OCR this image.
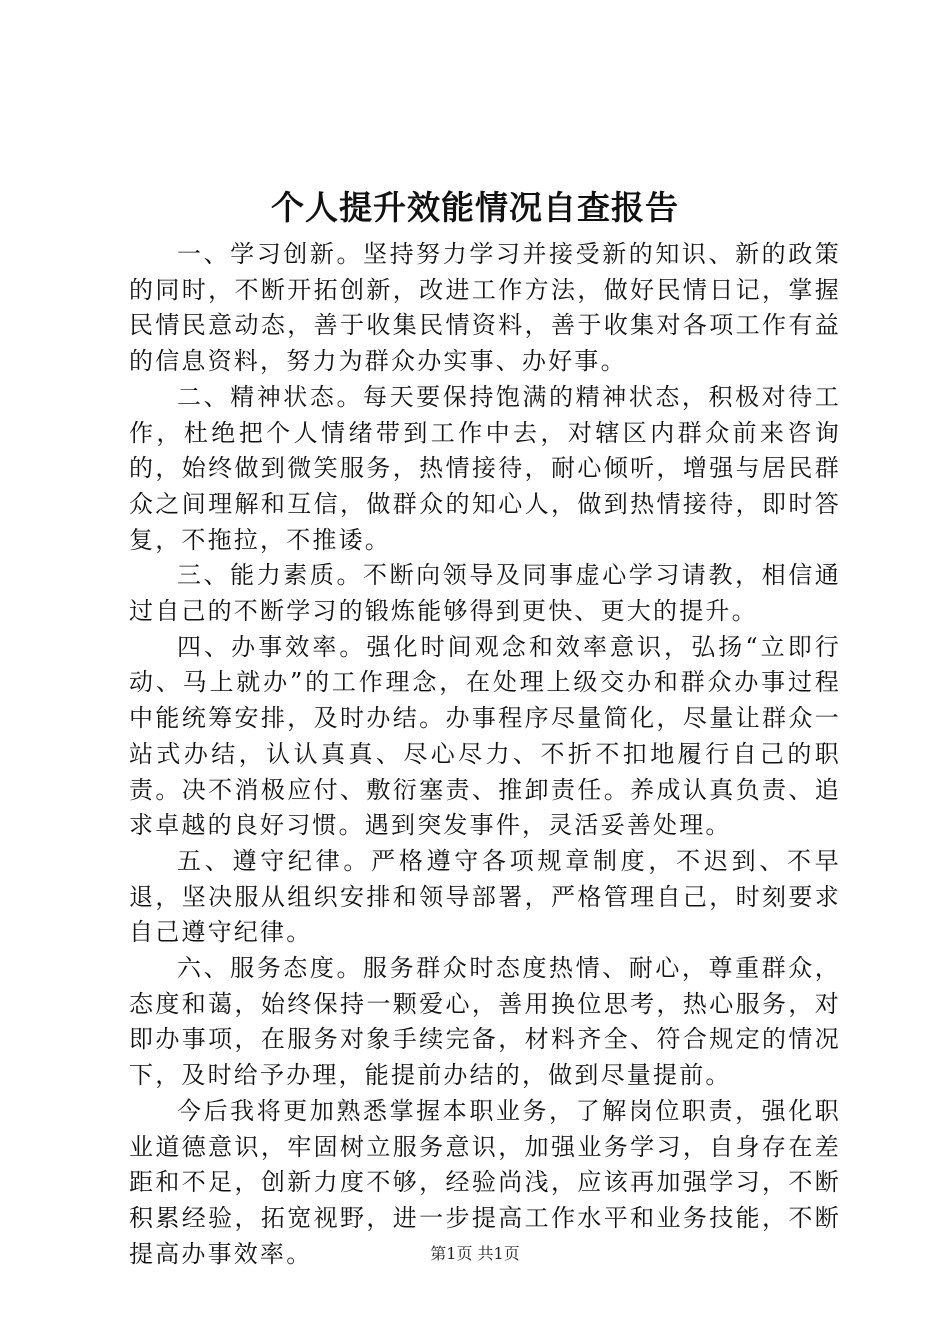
个人提升效能情况自查报告

一、学习创新。坚持努力学习并接受新的知识、新的政策的同时，不断开拓创新，改进工作方法，做好民情日记，掌握民情民意动态，善于收集民情资料，善于收集对各项工作有益的信息资料，努力为群众办实事、办好事。

二、精神状态。每天要保持饱满的精神状态，积极对待工作，杜绝把个人情绪带到工作中去，对辖区内群众前来咨询的，始终做到微笑服务，热情接待，耐心倾听，增强与居民群众之间理解和互信，做群众的知心人，做到热情接待，即时答复，不拖拉，不推诿。

三、能力素质。不断向领导及同事虚心学习请教，相信通过自己的不断学习的锻炼能够得到更快、更大的提升。

四、办事效率。强化时间观念和效率意识，弘扬“立即行动、马上就办”的工作理念，在处理上级交办和群众办事过程中能统筹安排，及时办结。办事程序尽量简化，尽量让群众一站式办结，认认真真、尽心尽力、不折不扣地履行自己的职责。决不消极应付、敷衍塞责、推卸责任。养成认真负责、追求卓越的良好习惯。遇到突发事件，灵活妥善处理。

五、遵守纪律。严格遵守各项规章制度，不迟到、不早退，坚决服从组织安排和领导部署，严格管理自己，时刻要求自己遵守纪律。

六、服务态度。服务群众时态度热情、耐心，尊重群众，态度和蔼，始终保持一颗爱心，善用换位思考，热心服务，对即办事项，在服务对象手续完备，材料齐全、符合规定的情况下，及时给予办理，能提前办结的，做到尽量提前。

今后我将更加熟悉掌握本职业务，了解岗位职责，强化职业道德意识，牢固树立服务意识，加强业务学习，自身存在差距和不足，创新力度不够，经验尚浅，应该再加强学习，不断积累经验，拓宽视野，进一步提高工作水平和业务技能，不断提高办事效率。	第1页 共1页
